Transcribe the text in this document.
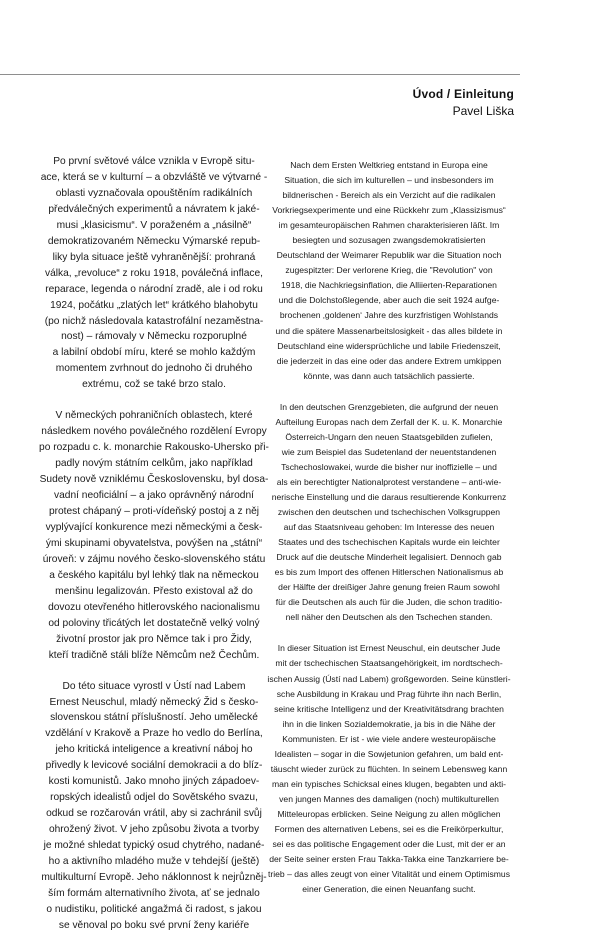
Úvod / Einleitung
Pavel Liška
Po první světové válce vznikla v Evropě situ-
ace, která se v kulturní – a obzvláště ve výtvarné -
oblasti vyznačovala opouštěním radikálních
předválečných experimentů a návratem k jaké-
musi „klasicismu“. V poraženém a „násilně“
demokratizovaném Německu Výmarské repub-
liky byla situace ještě vyhraněnější: prohraná
válka, „revoluce“ z roku 1918, poválečná inflace,
reparace, legenda o národní zradě, ale i od roku
1924, počátku „zlatých let“ krátkého blahobytu
(po nichž následovala katastrofální nezaměstna-
nost) – rámovaly v Německu rozporuplné
a labilní období míru, které se mohlo každým
momentem zvrhnout do jednoho či druhého
extrému, což se také brzo stalo.
V německých pohraničních oblastech, které
následkem nového poválečného rozdělení Evropy
po rozpadu c. k. monarchie Rakousko-Uhersko při-
padly novým státním celkům, jako například
Sudety nově vzniklému Československu, byl dosa-
vadní neoficiální – a jako oprávněný národní
protest chápaný – proti-vídeňský postoj a z něj
vyplývající konkurence mezi německými a česk-
ými skupinami obyvatelstva, povýšen na „státní“
úroveň: v zájmu nového česko-slovenského státu
a českého kapitálu byl lehký tlak na německou
menšinu legalizován. Přesto existoval až do
dovozu otevřeného hitlerovského nacionalismu
od poloviny třicátých let dostatečně velký volný
životní prostor jak pro Němce tak i pro Židy,
kteří tradičně stáli blíže Němcům než Čechům.
Do této situace vyrostl v Ústí nad Labem
Ernest Neuschul, mladý německý Žid s česko-
slovenskou státní příslušností. Jeho umělecké
vzdělání v Krakově a Praze ho vedlo do Berlína,
jeho kritická inteligence a kreativní náboj ho
přivedly k levicové sociální demokracii a do blíz-
kosti komunistů. Jako mnoho jiných západoev-
ropských idealistů odjel do Sovětského svazu,
odkud se rozčarován vrátil, aby si zachránil svůj
ohrožený život. V jeho způsobu života a tvorby
je možné shledat typický osud chytrého, nadané-
ho a aktivního mladého muže v tehdejší (ještě)
multikulturní Evropě. Jeho náklonnost k nejrůzněj-
ším formám alternativního života, ať se jednalo
o nudistiku, politické angažmá či radost, s jakou
se věnoval po boku své první ženy kariéře
Nach dem Ersten Weltkrieg entstand in Europa eine
Situation, die sich im kulturellen – und insbesonders im
bildnerischen - Bereich als ein Verzicht auf die radikalen
Vorkriegsexperimente und eine Rückkehr zum „Klassizismus“
im gesamteuropäischen Rahmen charakterisieren läßt. Im
besiegten und sozusagen zwangsdemokratisierten
Deutschland der Weimarer Republik war die Situation noch
zugespitzter: Der verlorene Krieg, die "Revolution" von
1918, die Nachkriegsinflation, die Alliierten-Reparationen
und die Dolchstoßlegende, aber auch die seit 1924 aufge-
brochenen ‚goldenen‘ Jahre des kurzfristigen Wohlstands
und die spätere Massenarbeitslosigkeit - das alles bildete in
Deutschland eine widersprüchliche und labile Friedenszeit,
die jederzeit in das eine oder das andere Extrem umkippen
könnte, was dann auch tatsächlich passierte.
In den deutschen Grenzgebieten, die aufgrund der neuen
Aufteilung Europas nach dem Zerfall der K. u. K. Monarchie
Österreich-Ungarn den neuen Staatsgebilden zufielen,
wie zum Beispiel das Sudetenland der neuentstandenen
Tschechoslowakei, wurde die bisher nur inoffizielle – und
als ein berechtigter Nationalprotest verstandene – anti-wie-
nerische Einstellung und die daraus resultierende Konkurrenz
zwischen den deutschen und tschechischen Volksgruppen
auf das Staatsniveau gehoben: Im Interesse des neuen
Staates und des tschechischen Kapitals wurde ein leichter
Druck auf die deutsche Minderheit legalisiert. Dennoch gab
es bis zum Import des offenen Hitlerschen Nationalismus ab
der Hälfte der dreißiger Jahre genung freien Raum sowohl
für die Deutschen als auch für die Juden, die schon traditio-
nell näher den Deutschen als den Tschechen standen.
In dieser Situation ist Ernest Neuschul, ein deutscher Jude
mit der tschechischen Staatsangehörigkeit, im nordtschech-
ischen Aussig (Ústí nad Labem) großgeworden. Seine künstleri-
sche Ausbildung in Krakau und Prag führte ihn nach Berlin,
seine kritische Intelligenz und der Kreativitätsdrang brachten
ihn in die linken Sozialdemokratie, ja bis in die Nähe der
Kommunisten. Er ist - wie viele andere westeuropäische
Idealisten – sogar in die Sowjetunion gefahren, um bald ent-
täuscht wieder zurück zu flüchten. In seinem Lebensweg kann
man ein typisches Schicksal eines klugen, begabten und akti-
ven jungen Mannes des damaligen (noch) multikulturellen
Mitteleuropas erblicken. Seine Neigung zu allen möglichen
Formen des alternativen Lebens, sei es die Freikörperkultur,
sei es das politische Engagement oder die Lust, mit der er an
der Seite seiner ersten Frau Takka-Takka eine Tanzkarriere be-
trieb – das alles zeugt von einer Vitalität und einem Optimismus
einer Generation, die einen Neuanfang sucht.
